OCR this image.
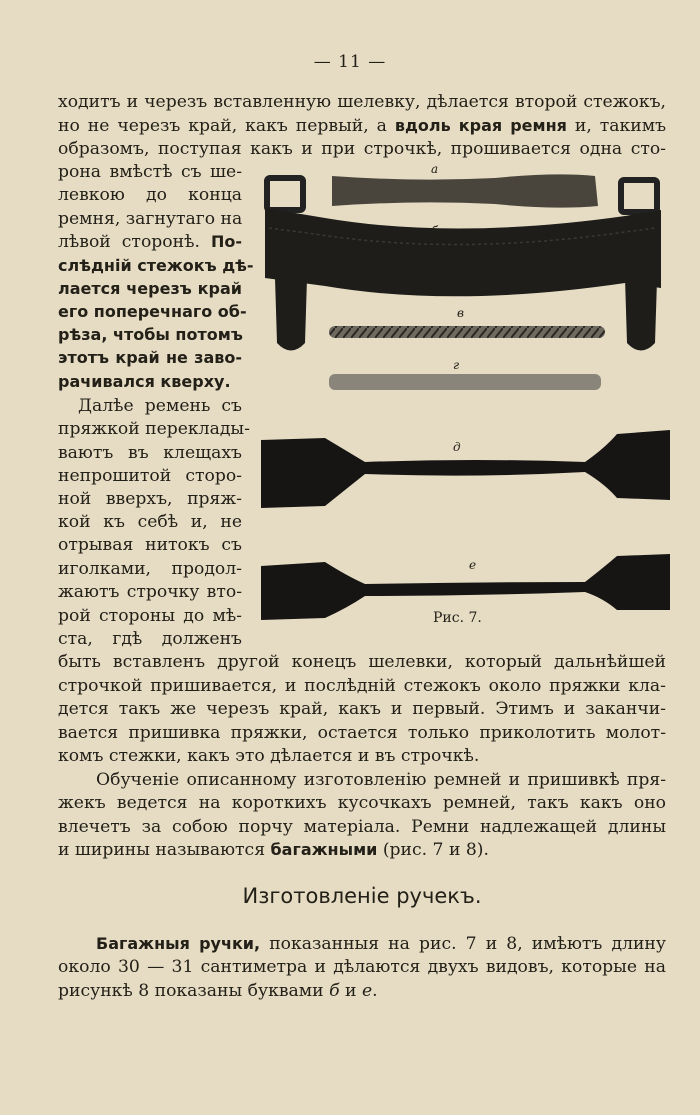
— 11 —
ходитъ и черезъ вставленную шелевку, дѣлается второй стежокъ,
но не черезъ край, какъ первый, а вдоль края ремня и, такимъ
образомъ, поступая какъ и при строчкѣ, прошивается одна сто-
рона вмѣстѣ съ ше-
левкою до конца
ремня, загнутаго на
лѣвой сторонѣ. По-
слѣдній стежокъ дѣ-
лается черезъ край
его поперечнаго об-
рѣза, чтобы потомъ
этотъ край не заво-
рачивался кверху.
Далѣе ремень съ
пряжкой переклады-
ваютъ въ клещахъ
непрошитой сторо-
ной вверхъ, пряж-
кой къ себѣ и, не
отрывая нитокъ съ
иголками, продол-
жаютъ строчку вто-
рой стороны до мѣ-
ста, гдѣ долженъ
а
б
в
г
д
е
Рис. 7.
быть вставленъ другой конецъ шелевки, который дальнѣйшей
строчкой пришивается, и послѣдній стежокъ около пряжки кла-
дется такъ же черезъ край, какъ и первый. Этимъ и заканчи-
вается пришивка пряжки, остается только приколотить молот-
комъ стежки, какъ это дѣлается и въ строчкѣ.
Обученіе описанному изготовленію ремней и пришивкѣ пря-
жекъ ведется на короткихъ кусочкахъ ремней, такъ какъ оно
влечетъ за собою порчу матеріала. Ремни надлежащей длины
и ширины называются багажными (рис. 7 и 8).
Изготовленіе ручекъ.
Багажныя ручки, показанныя на рис. 7 и 8, имѣютъ длину
около 30 — 31 сантиметра и дѣлаются двухъ видовъ, которые на
рисункѣ 8 показаны буквами б и е.
